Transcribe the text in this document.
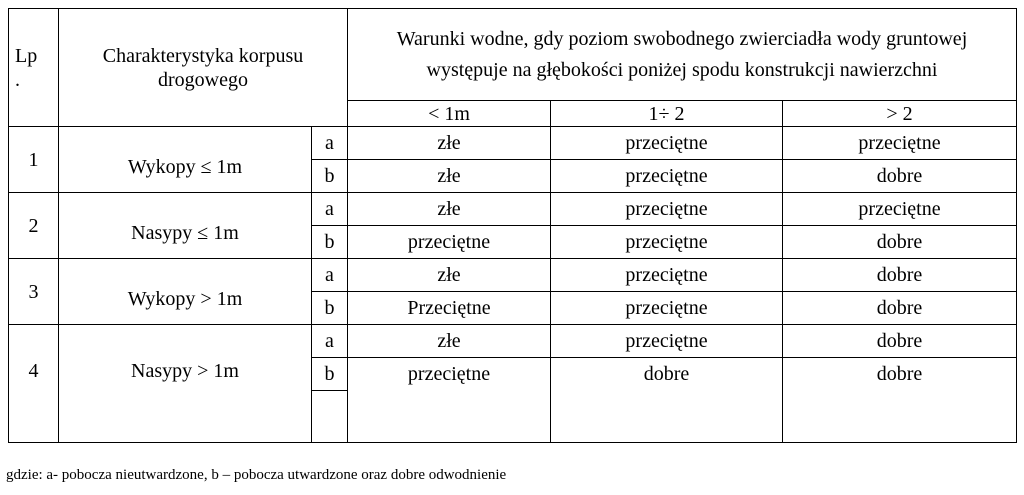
Lp
.	Charakterystyka korpusu drogowego		Warunki wodne, gdy poziom swobodnego zwierciadła wody gruntowej występuje na głębokości poniżej spodu konstrukcji nawierzchni		
			< 1m	1÷ 2	> 2
1	Wykopy ≤ 1m	a	złe	przeciętne	przeciętne
		b	złe	przeciętne	dobre
2	Nasypy ≤ 1m	a	złe	przeciętne	przeciętne
		b	przeciętne	przeciętne	dobre
3	Wykopy > 1m	a	złe	przeciętne	dobre
		b	Przeciętne	przeciętne	dobre
4	Nasypy > 1m	a	złe	przeciętne	dobre
		b	przeciętne	dobre	dobre

gdzie: a- pobocza nieutwardzone, b – pobocza utwardzone oraz dobre odwodnienie
